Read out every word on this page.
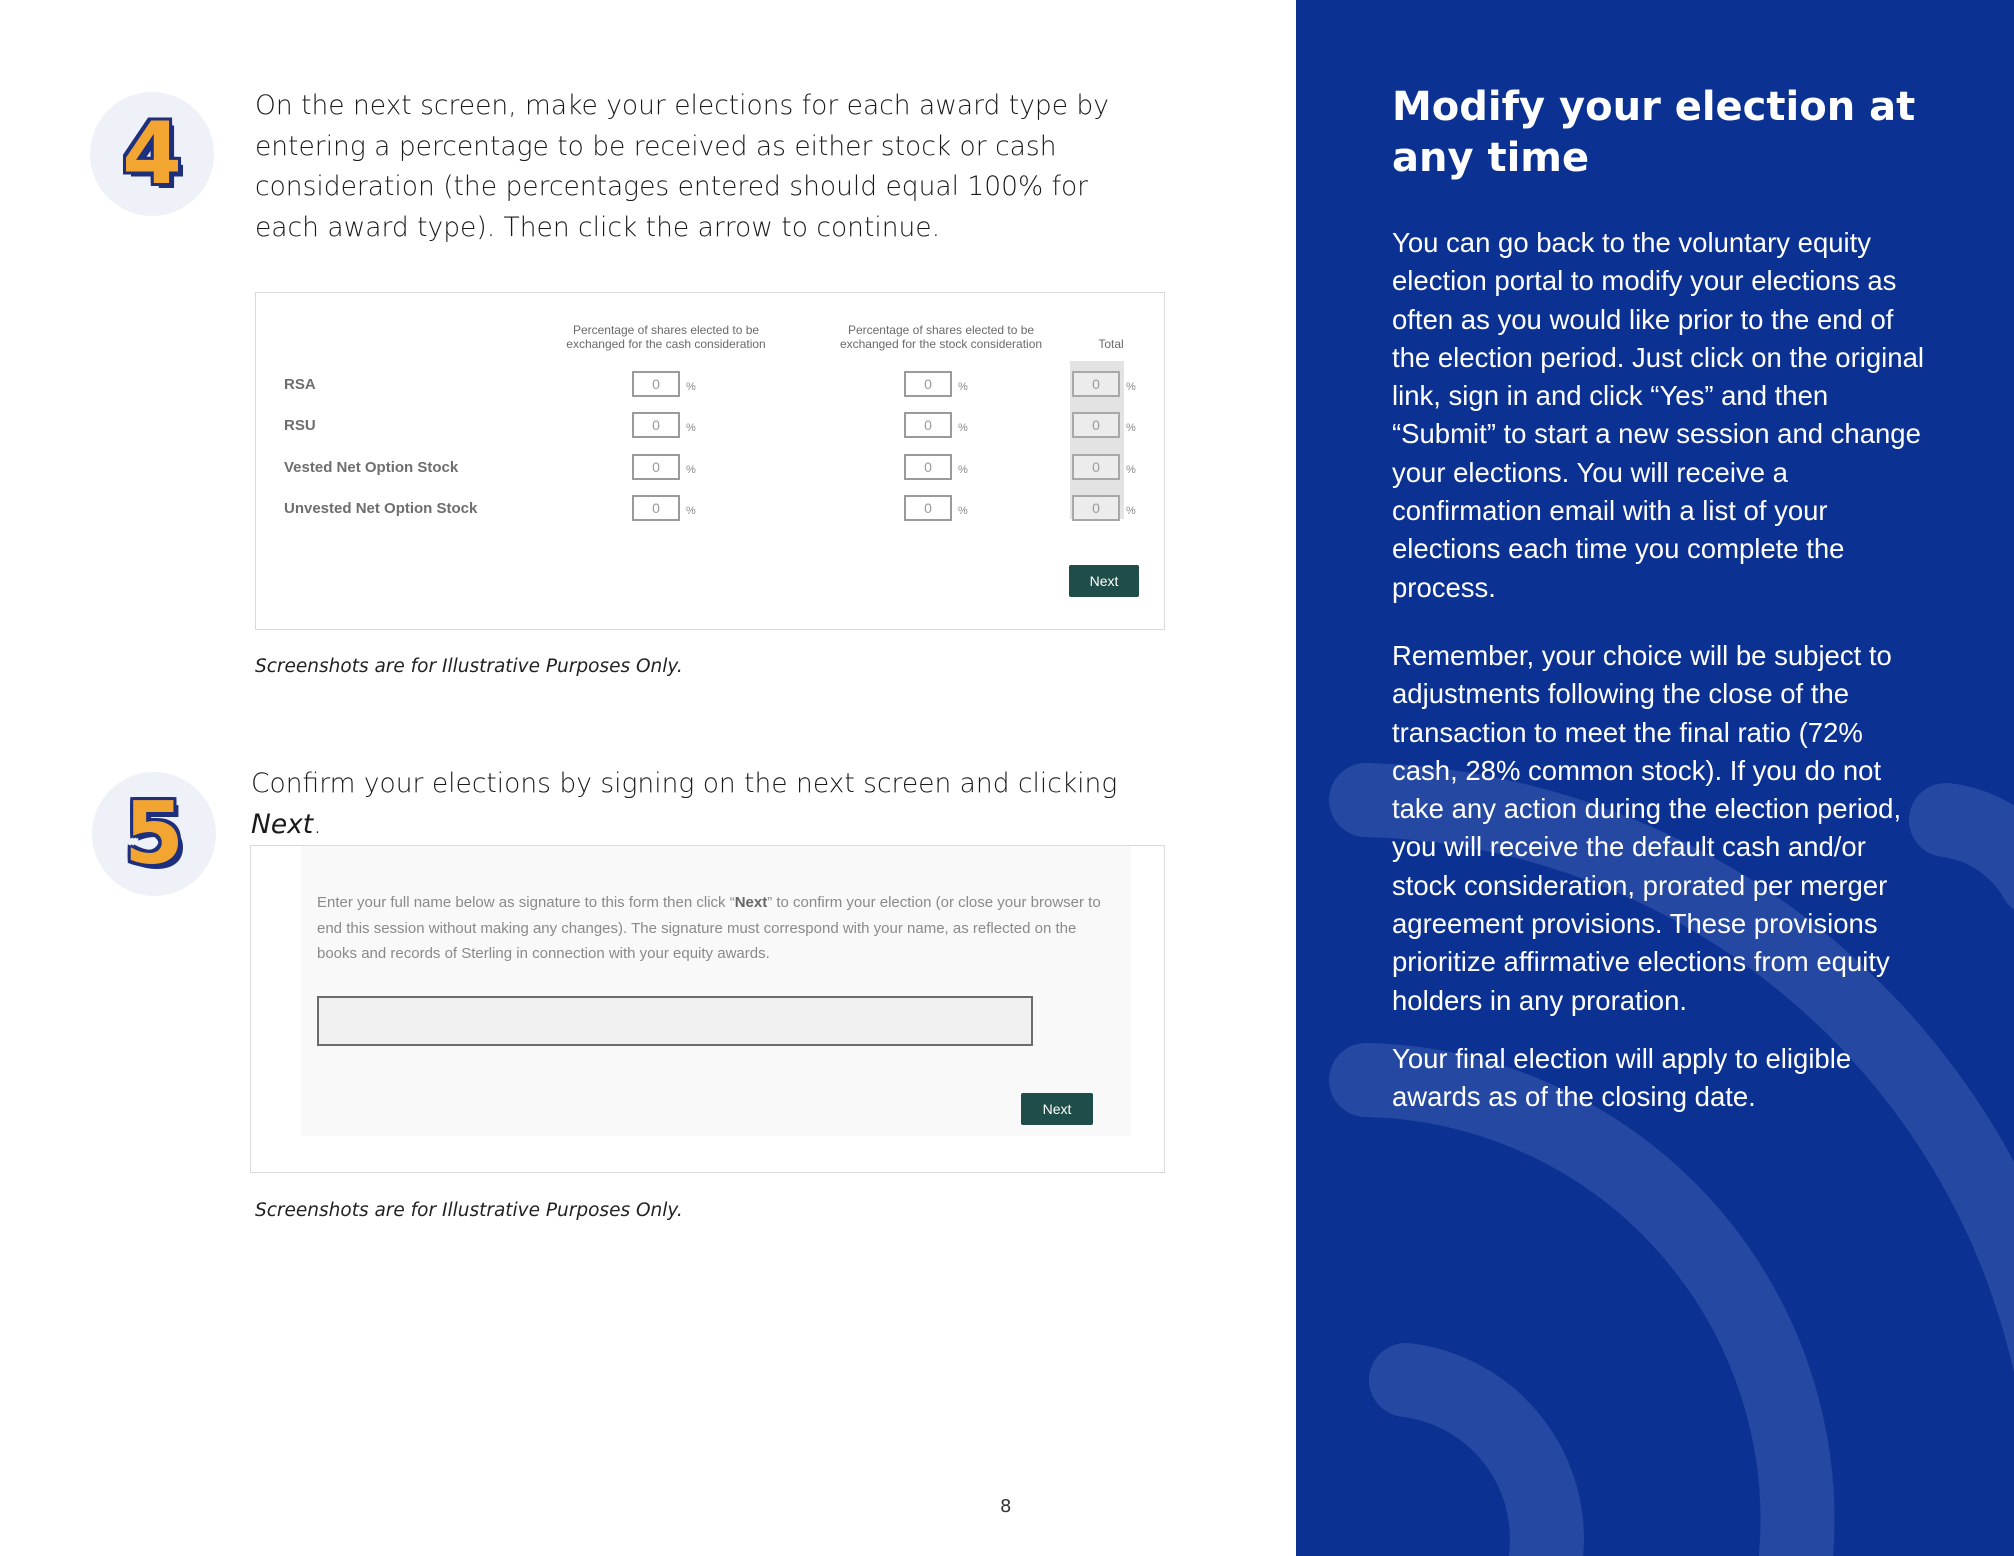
4	On the next screen, make your elections for each award type by entering a percentage to be received as either stock or cash consideration (the percentages entered should equal 100% for each award type). Then click the arrow to continue.

Percentage of shares elected to be exchanged for the cash consideration
Percentage of shares elected to be exchanged for the stock consideration	Total
RSA	0	%	0	%	0	%
RSU	0	%	0	%	0	%
Vested Net Option Stock	0	%	0	%	0	%
Unvested Net Option Stock	0	%	0	%	0	%
Next

Screenshots are for Illustrative Purposes Only.

5

Confirm your elections by signing on the next screen and clicking Next.

Enter your full name below as signature to this form then click “Next” to confirm your election (or close your browser to end this session without making any changes). The signature must correspond with your name, as reflected on the books and records of Sterling in connection with your equity awards.

Next

Screenshots are for Illustrative Purposes Only.

8
Modify your election at any time

You can go back to the voluntary equity election portal to modify your elections as often as you would like prior to the end of the election period. Just click on the original link, sign in and click “Yes” and then “Submit” to start a new session and change your elections. You will receive a confirmation email with a list of your elections each time you complete the process.

Remember, your choice will be subject to adjustments following the close of the transaction to meet the final ratio (72% cash, 28% common stock). If you do not take any action during the election period, you will receive the default cash and/or stock consideration, prorated per merger agreement provisions. These provisions prioritize affirmative elections from equity holders in any proration.

Your final election will apply to eligible awards as of the closing date.
